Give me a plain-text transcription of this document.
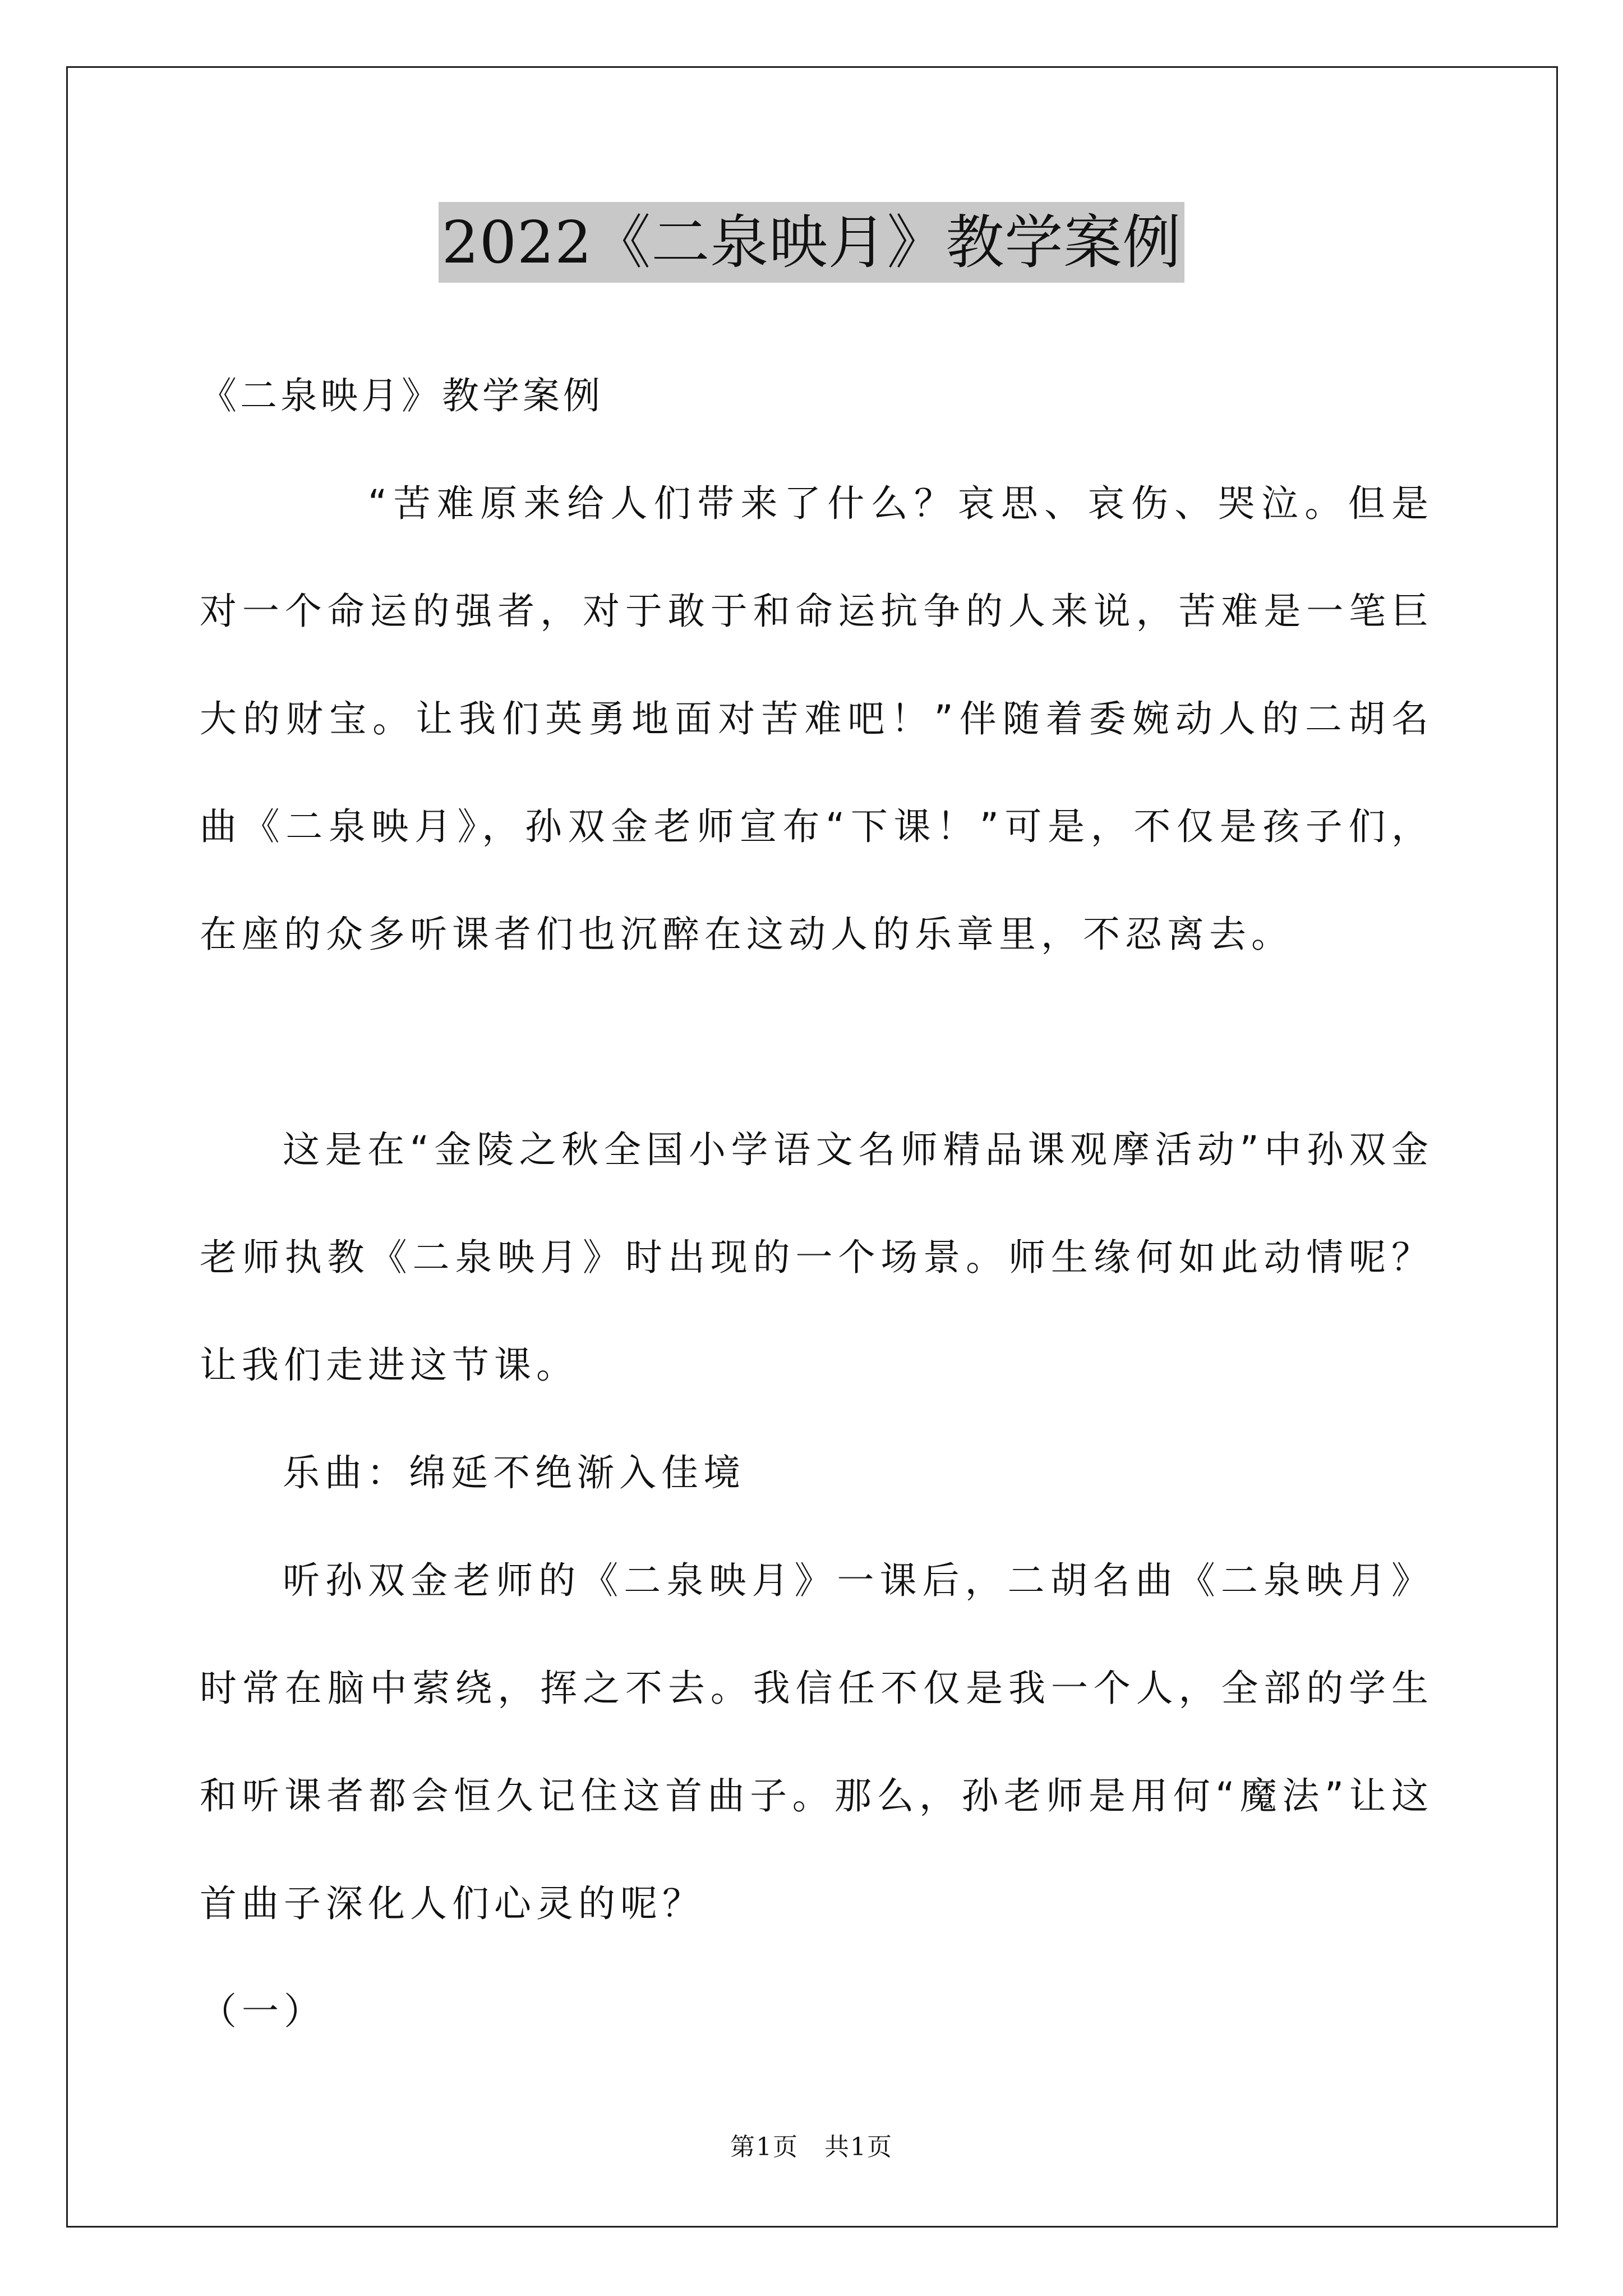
2022《二泉映月》教学案例

《二泉映月》教学案例

“苦难原来给人们带来了什么？哀思、哀伤、哭泣。但是对一个命运的强者，对于敢于和命运抗争的人来说，苦难是一笔巨大的财宝。让我们英勇地面对苦难吧！”伴随着委婉动人的二胡名曲《二泉映月》，孙双金老师宣布“下课！”可是，不仅是孩子们，在座的众多听课者们也沉醉在这动人的乐章里，不忍离去。

这是在“金陵之秋全国小学语文名师精品课观摩活动”中孙双金老师执教《二泉映月》时出现的一个场景。师生缘何如此动情呢？让我们走进这节课。

乐曲：绵延不绝渐入佳境

听孙双金老师的《二泉映月》一课后，二胡名曲《二泉映月》时常在脑中萦绕，挥之不去。我信任不仅是我一个人，全部的学生和听课者都会恒久记住这首曲子。那么，孙老师是用何“魔法”让这首曲子深化人们心灵的呢？

（一）

第1页　共1页
